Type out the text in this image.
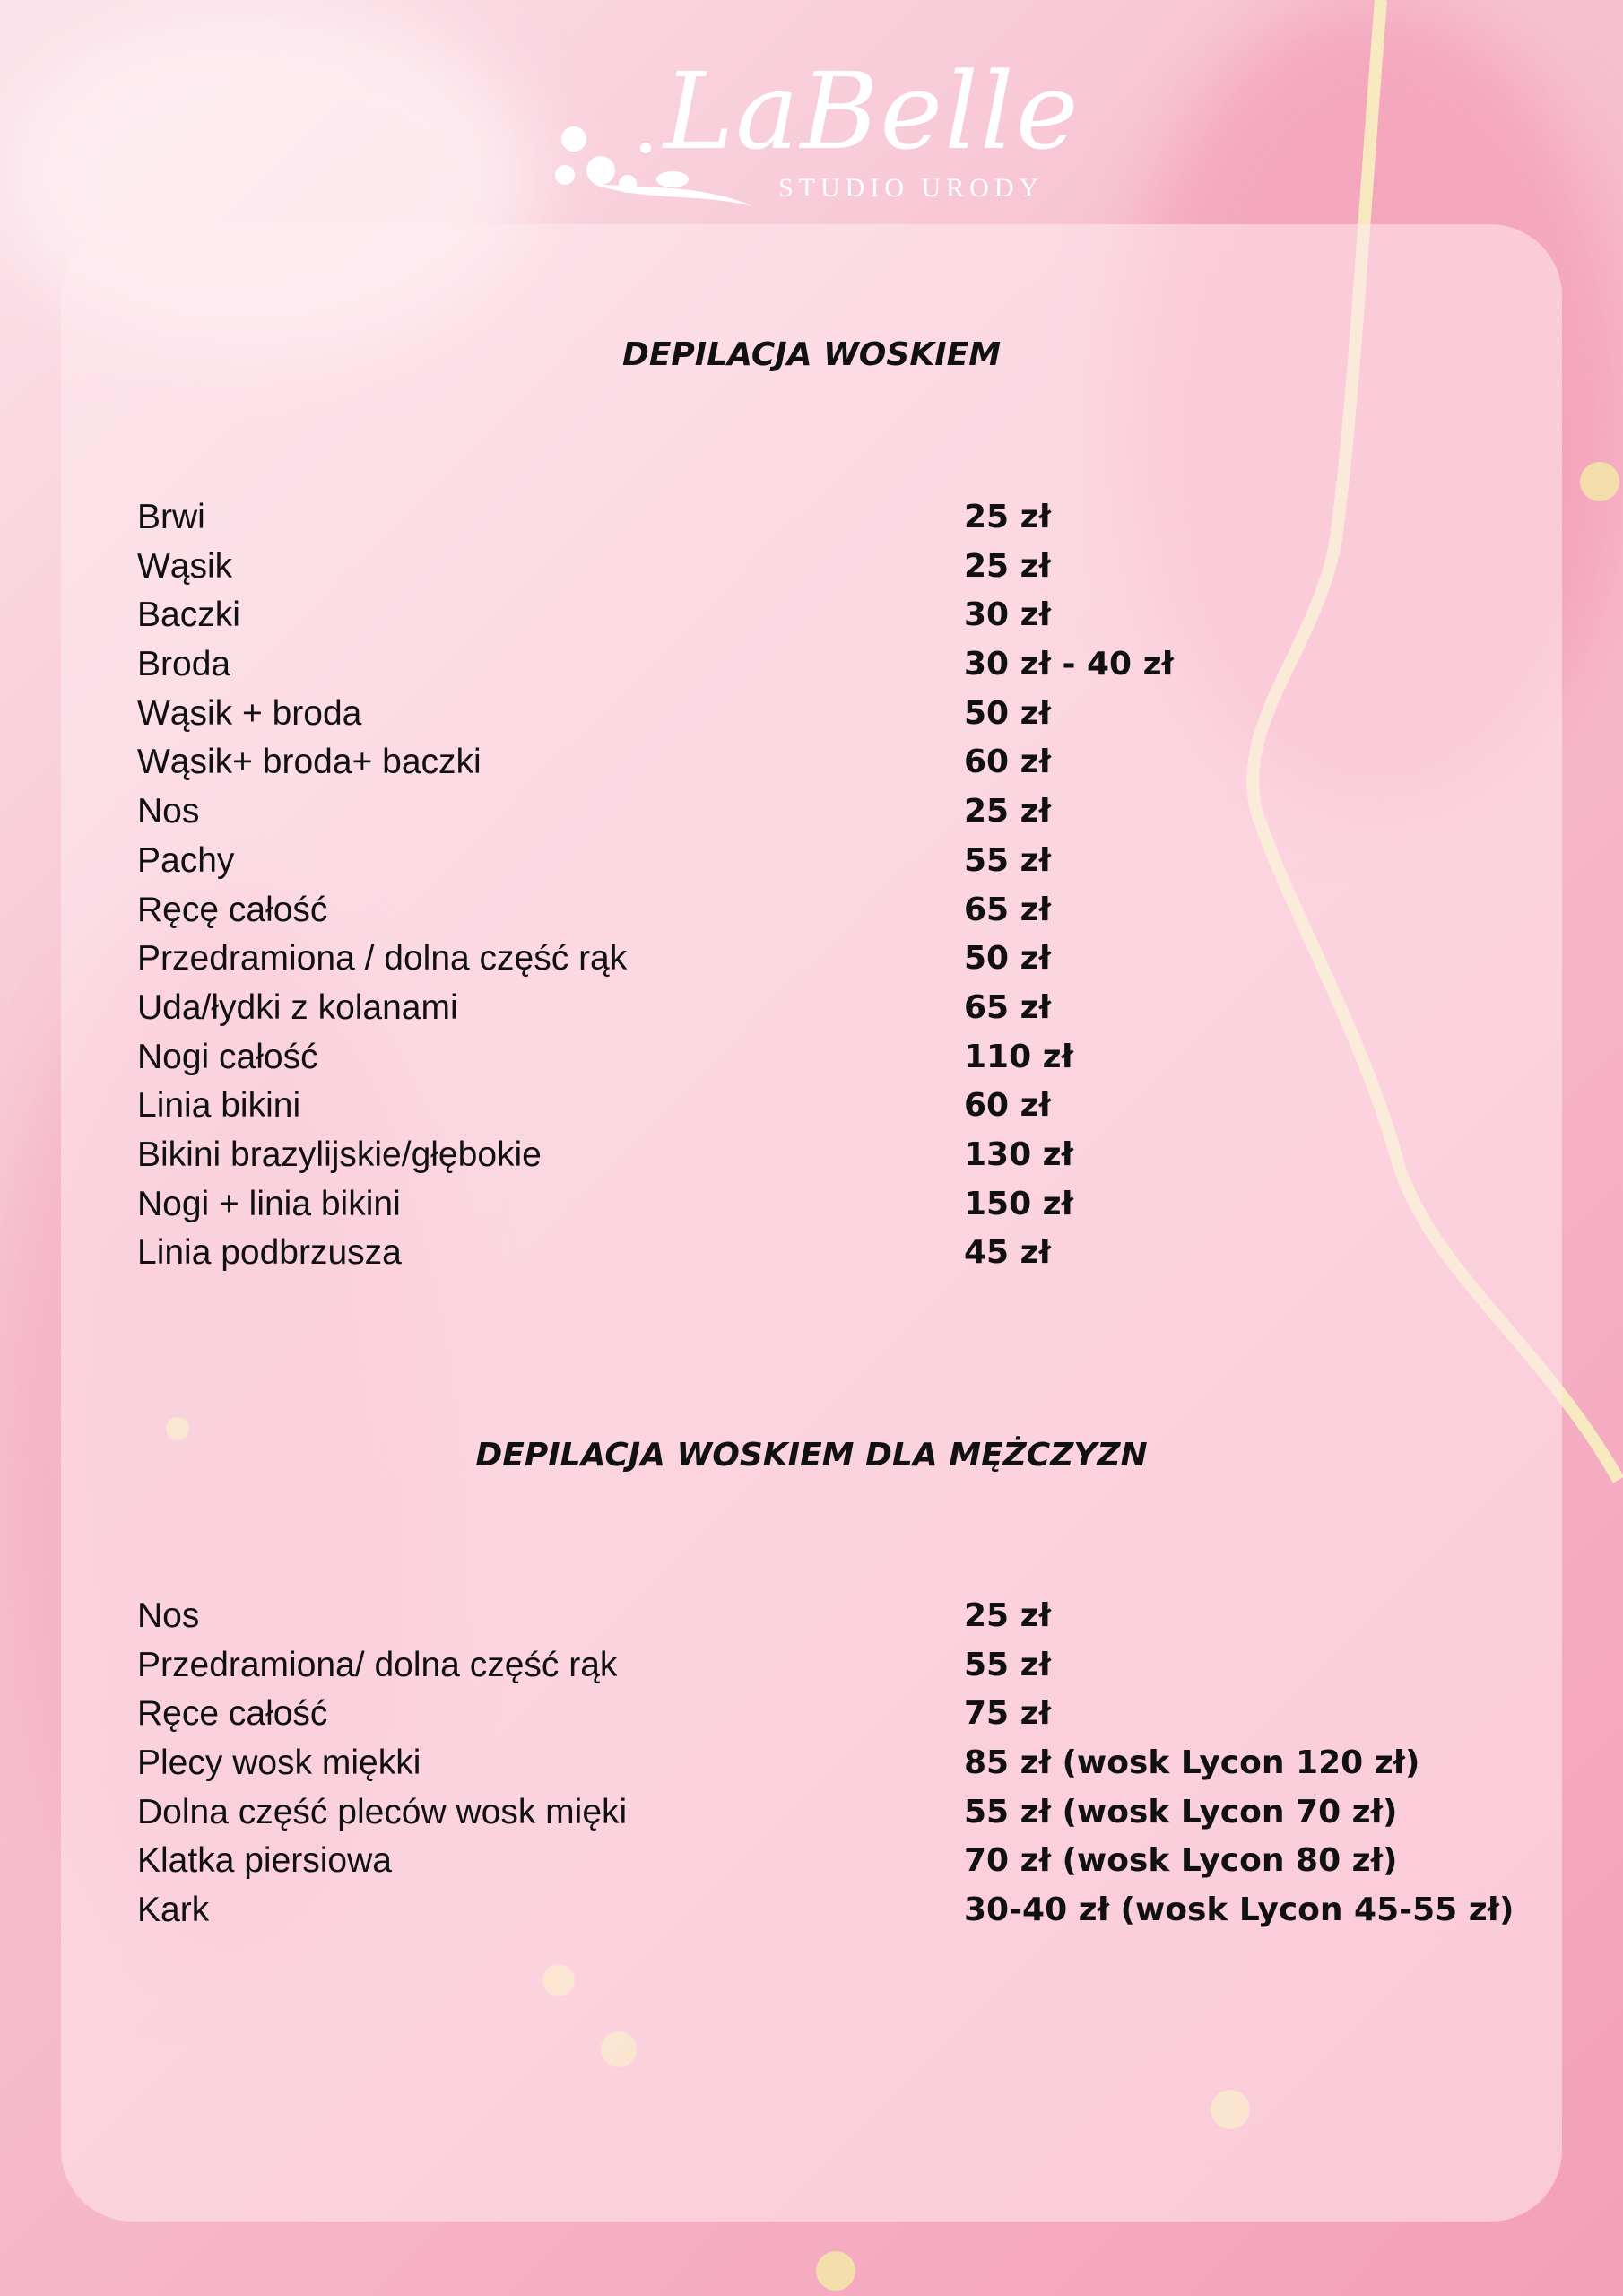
LaBelle
STUDIO URODY
DEPILACJA WOSKIEM
Brwi	25 zł
Wąsik	25 zł
Baczki	30 zł
Broda	30 zł - 40 zł
Wąsik + broda	50 zł
Wąsik+ broda+ baczki	60 zł
Nos	25 zł
Pachy	55 zł
Ręcę całość	65 zł
Przedramiona / dolna część rąk	50 zł
Uda/łydki z kolanami	65 zł
Nogi całość	110 zł
Linia bikini	60 zł
Bikini brazylijskie/głębokie	130 zł
Nogi + linia bikini	150 zł
Linia podbrzusza	45 zł
DEPILACJA WOSKIEM DLA MĘŻCZYZN
Nos	25 zł
Przedramiona/ dolna część rąk	55 zł
Ręce całość	75 zł
Plecy wosk miękki	85 zł (wosk Lycon 120 zł)
Dolna część pleców wosk mięki	55 zł (wosk Lycon 70 zł)
Klatka piersiowa	70 zł (wosk Lycon 80 zł)
Kark	30-40 zł (wosk Lycon 45-55 zł)
